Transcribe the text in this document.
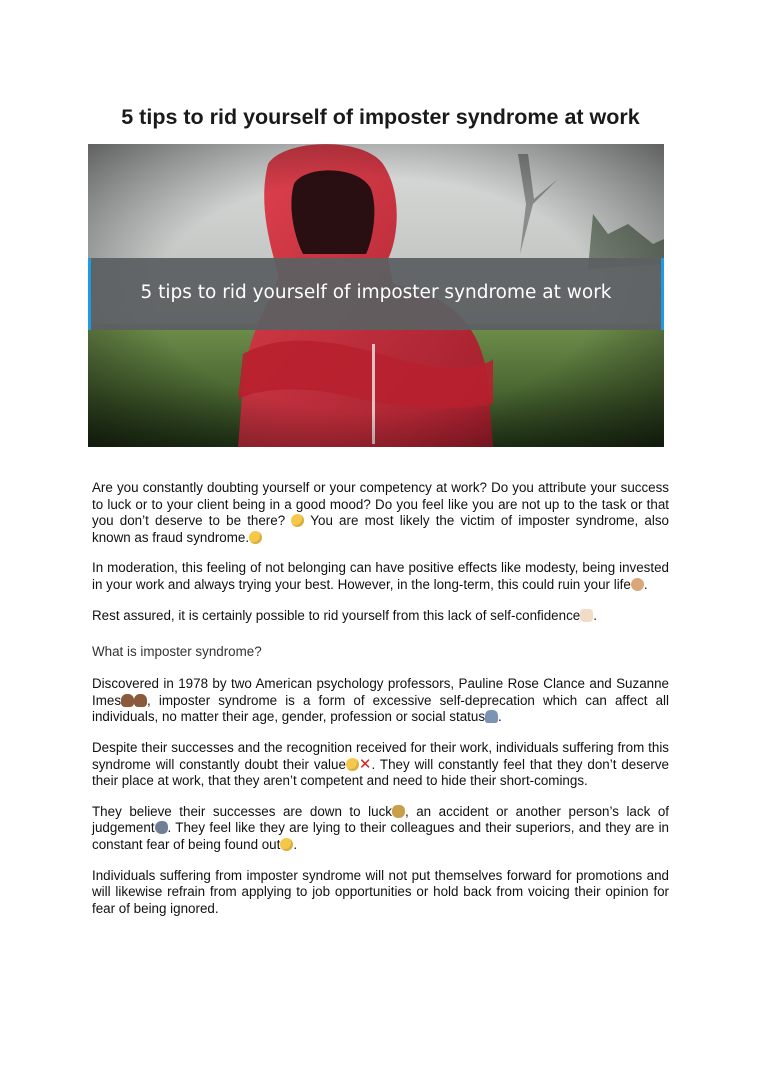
5 tips to rid yourself of imposter syndrome at work
5 tips to rid yourself of imposter syndrome at work

Are you constantly doubting yourself or your competency at work? Do you attribute your success to luck or to your client being in a good mood? Do you feel like you are not up to the task or that you don’t deserve to be there?  You are most likely the victim of imposter syndrome, also known as fraud syndrome.

In moderation, this feeling of not belonging can have positive effects like modesty, being invested in your work and always trying your best. However, in the long-term, this could ruin your life .

Rest assured, it is certainly possible to rid yourself from this lack of self-confidence .

What is imposter syndrome?

Discovered in 1978 by two American psychology professors, Pauline Rose Clance and Suzanne Imes , imposter syndrome is a form of excessive self-deprecation which can affect all individuals, no matter their age, gender, profession or social status .

Despite their successes and the recognition received for their work, individuals suffering from this syndrome will constantly doubt their value ✕. They will constantly feel that they don’t deserve their place at work, that they aren’t competent and need to hide their short-comings.

They believe their successes are down to luck , an accident or another person’s lack of judgement . They feel like they are lying to their colleagues and their superiors, and they are in constant fear of being found out .

Individuals suffering from imposter syndrome will not put themselves forward for promotions and will likewise refrain from applying to job opportunities or hold back from voicing their opinion for fear of being ignored.
